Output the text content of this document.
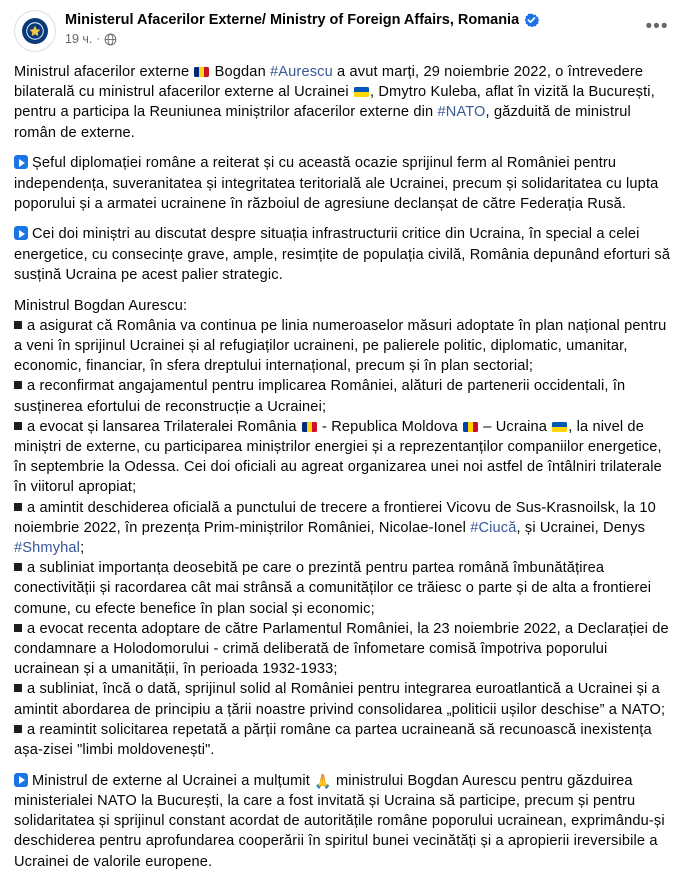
Ministerul Afacerilor Externe/ Ministry of Foreign Affairs, Romania
19 ч. ·
•••
Ministrul afacerilor externe
Bogdan #Aurescu a avut marți, 29 noiembrie 2022, o întrevedere bilaterală cu ministrul afacerilor externe al Ucrainei , Dmytro Kuleba, aflat în vizită la București, pentru a participa la Reuniunea miniștrilor afacerilor externe din #NATO, găzduită de ministrul român de externe.
Șeful diplomației române a reiterat și cu această ocazie sprijinul ferm al României pentru independența, suveranitatea și integritatea teritorială ale Ucrainei, precum și solidaritatea cu lupta poporului și a armatei ucrainene în războiul de agresiune declanșat de către Federația Rusă.
Cei doi miniștri au discutat despre situația infrastructurii critice din Ucraina, în special a celei energetice, cu consecințe grave, ample, resimțite de populația civilă, România depunând eforturi să susțină Ucraina pe acest palier strategic.
Ministrul Bogdan Aurescu:
a asigurat că România va continua pe linia numeroaselor măsuri adoptate în plan național pentru a veni în sprijinul Ucrainei și al refugiaților ucraineni, pe palierele politic, diplomatic, umanitar, economic, financiar, în sfera dreptului internațional, precum și în plan sectorial;
a reconfirmat angajamentul pentru implicarea României, alături de partenerii occidentali, în susținerea efortului de reconstrucție a Ucrainei;
a evocat și lansarea Trilateralei România
- Republica Moldova
– Ucraina , la nivel de miniștri de externe, cu participarea miniștrilor energiei și a reprezentanților companiilor energetice, în septembrie la Odessa. Cei doi oficiali au agreat organizarea unei noi astfel de întâlniri trilaterale în viitorul apropiat;
a amintit deschiderea oficială a punctului de trecere a frontierei Vicovu de Sus-Krasnoilsk, la 10 noiembrie 2022, în prezența Prim-miniștrilor României, Nicolae-Ionel #Ciucă, și Ucrainei, Denys #Shmyhal;
a subliniat importanța deosebită pe care o prezintă pentru partea română îmbunătățirea conectivității și racordarea cât mai strânsă a comunităților ce trăiesc o parte și de alta a frontierei comune, cu efecte benefice în plan social și economic;
a evocat recenta adoptare de către Parlamentul României, la 23 noiembrie 2022, a Declarației de condamnare a Holodomorului - crimă deliberată de înfometare comisă împotriva poporului ucrainean și a umanității, în perioada 1932-1933;
a subliniat, încă o dată, sprijinul solid al României pentru integrarea euroatlantică a Ucrainei și a amintit abordarea de principiu a țării noastre privind consolidarea „politicii ușilor deschise” a NATO;
a reamintit solicitarea repetată a părții române ca partea ucraineană să recunoască inexistența așa-zisei "limbi moldovenești".
Ministrul de externe al Ucrainei a mulțumit 🙏 ministrului Bogdan Aurescu pentru găzduirea ministerialei NATO la București, la care a fost invitată și Ucraina să participe, precum și pentru solidaritatea și sprijinul constant acordat de autoritățile române poporului ucrainean, exprimându-și deschiderea pentru aprofundarea cooperării în spiritul bunei vecinătăți și a apropierii ireversibile a Ucrainei de valorile europene.
